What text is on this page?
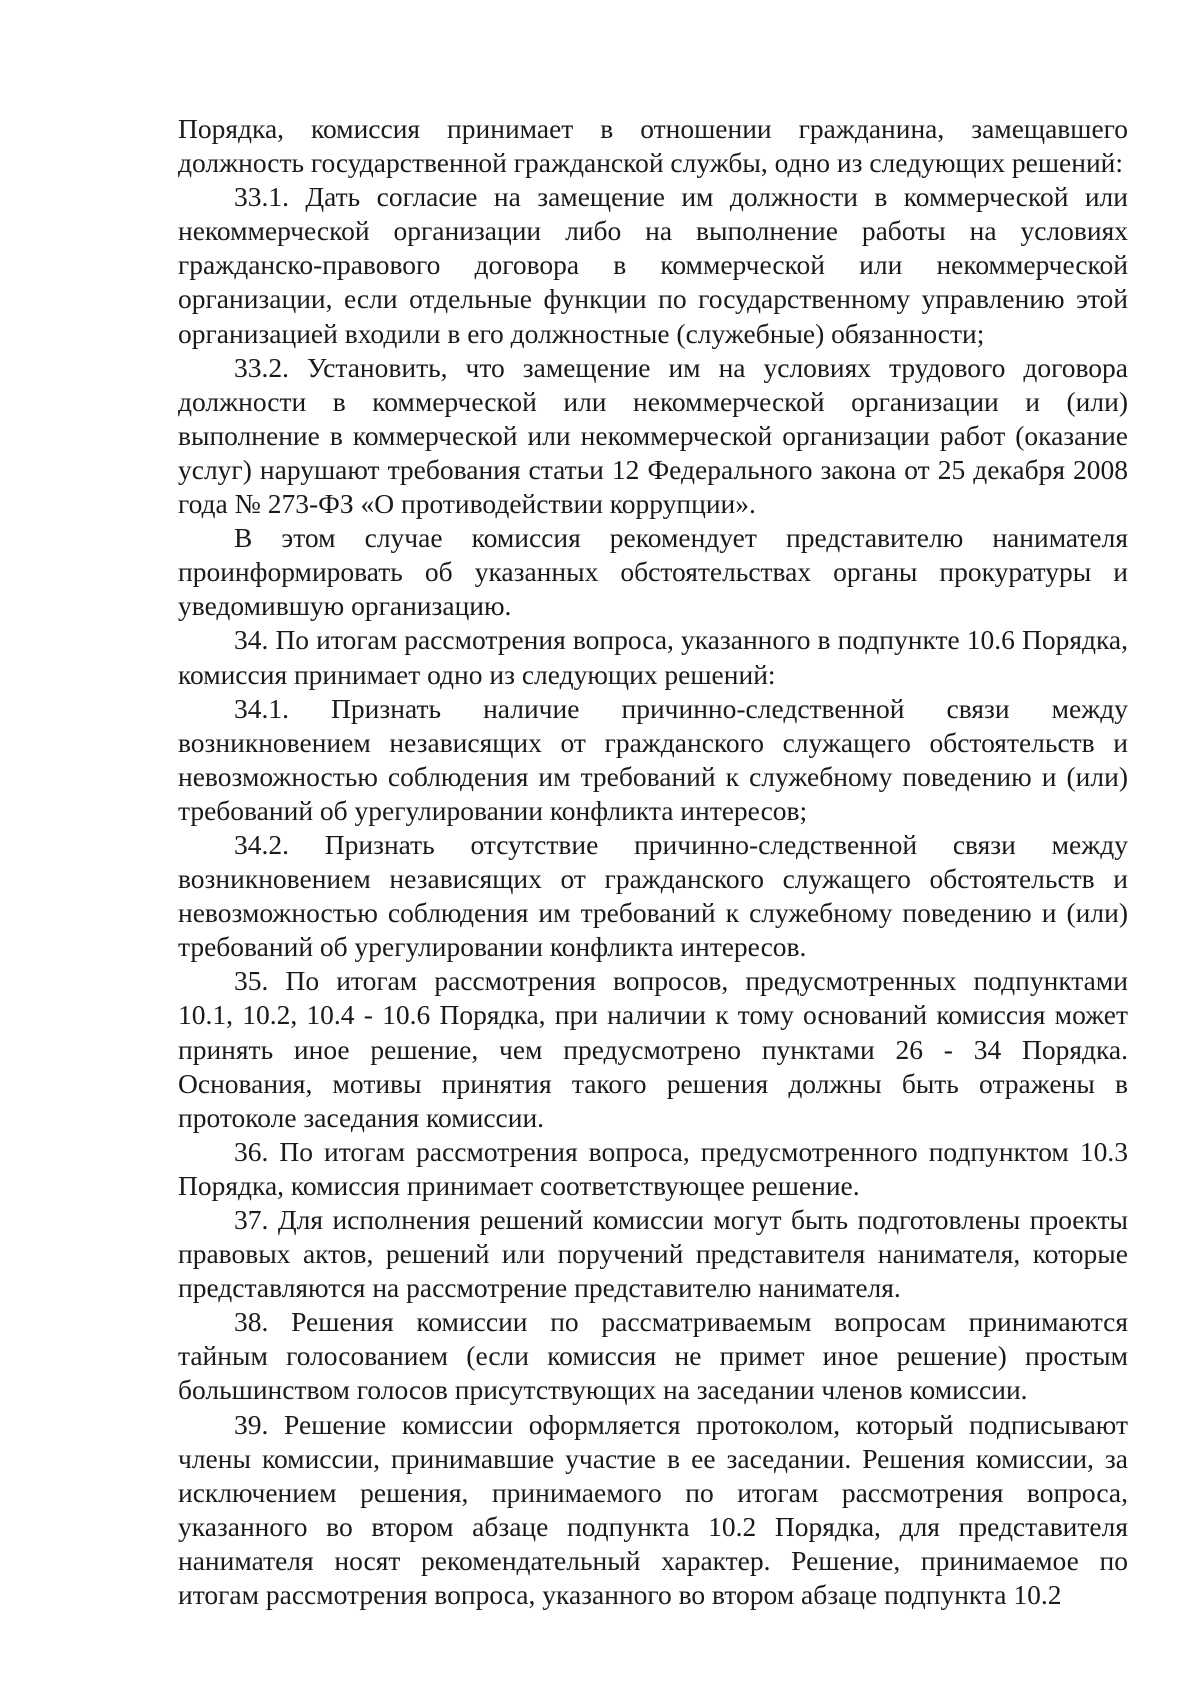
Порядка, комиссия принимает в отношении гражданина, замещавшего должность государственной гражданской службы, одно из следующих решений:

33.1. Дать согласие на замещение им должности в коммерческой или некоммерческой организации либо на выполнение работы на условиях гражданско-правового договора в коммерческой или некоммерческой организации, если отдельные функции по государственному управлению этой организацией входили в его должностные (служебные) обязанности;

33.2. Установить, что замещение им на условиях трудового договора должности в коммерческой или некоммерческой организации и (или) выполнение в коммерческой или некоммерческой организации работ (оказание услуг) нарушают требования статьи 12 Федерального закона от 25 декабря 2008 года № 273-ФЗ «О противодействии коррупции».

В этом случае комиссия рекомендует представителю нанимателя проинформировать об указанных обстоятельствах органы прокуратуры и уведомившую организацию.

34. По итогам рассмотрения вопроса, указанного в подпункте 10.6 Порядка, комиссия принимает одно из следующих решений:

34.1. Признать наличие причинно-следственной связи между возникновением независящих от гражданского служащего обстоятельств и невозможностью соблюдения им требований к служебному поведению и (или) требований об урегулировании конфликта интересов;

34.2. Признать отсутствие причинно-следственной связи между возникновением независящих от гражданского служащего обстоятельств и невозможностью соблюдения им требований к служебному поведению и (или) требований об урегулировании конфликта интересов.

35. По итогам рассмотрения вопросов, предусмотренных подпунктами 10.1, 10.2, 10.4 - 10.6 Порядка, при наличии к тому оснований комиссия может принять иное решение, чем предусмотрено пунктами 26 - 34 Порядка. Основания, мотивы принятия такого решения должны быть отражены в протоколе заседания комиссии.

36. По итогам рассмотрения вопроса, предусмотренного подпунктом 10.3 Порядка, комиссия принимает соответствующее решение.

37. Для исполнения решений комиссии могут быть подготовлены проекты правовых актов, решений или поручений представителя нанимателя, которые представляются на рассмотрение представителю нанимателя.

38. Решения комиссии по рассматриваемым вопросам принимаются тайным голосованием (если комиссия не примет иное решение) простым большинством голосов присутствующих на заседании членов комиссии.

39. Решение комиссии оформляется протоколом, который подписывают члены комиссии, принимавшие участие в ее заседании. Решения комиссии, за исключением решения, принимаемого по итогам рассмотрения вопроса, указанного во втором абзаце подпункта 10.2 Порядка, для представителя нанимателя носят рекомендательный характер. Решение, принимаемое по итогам рассмотрения вопроса, указанного во втором абзаце подпункта 10.2
